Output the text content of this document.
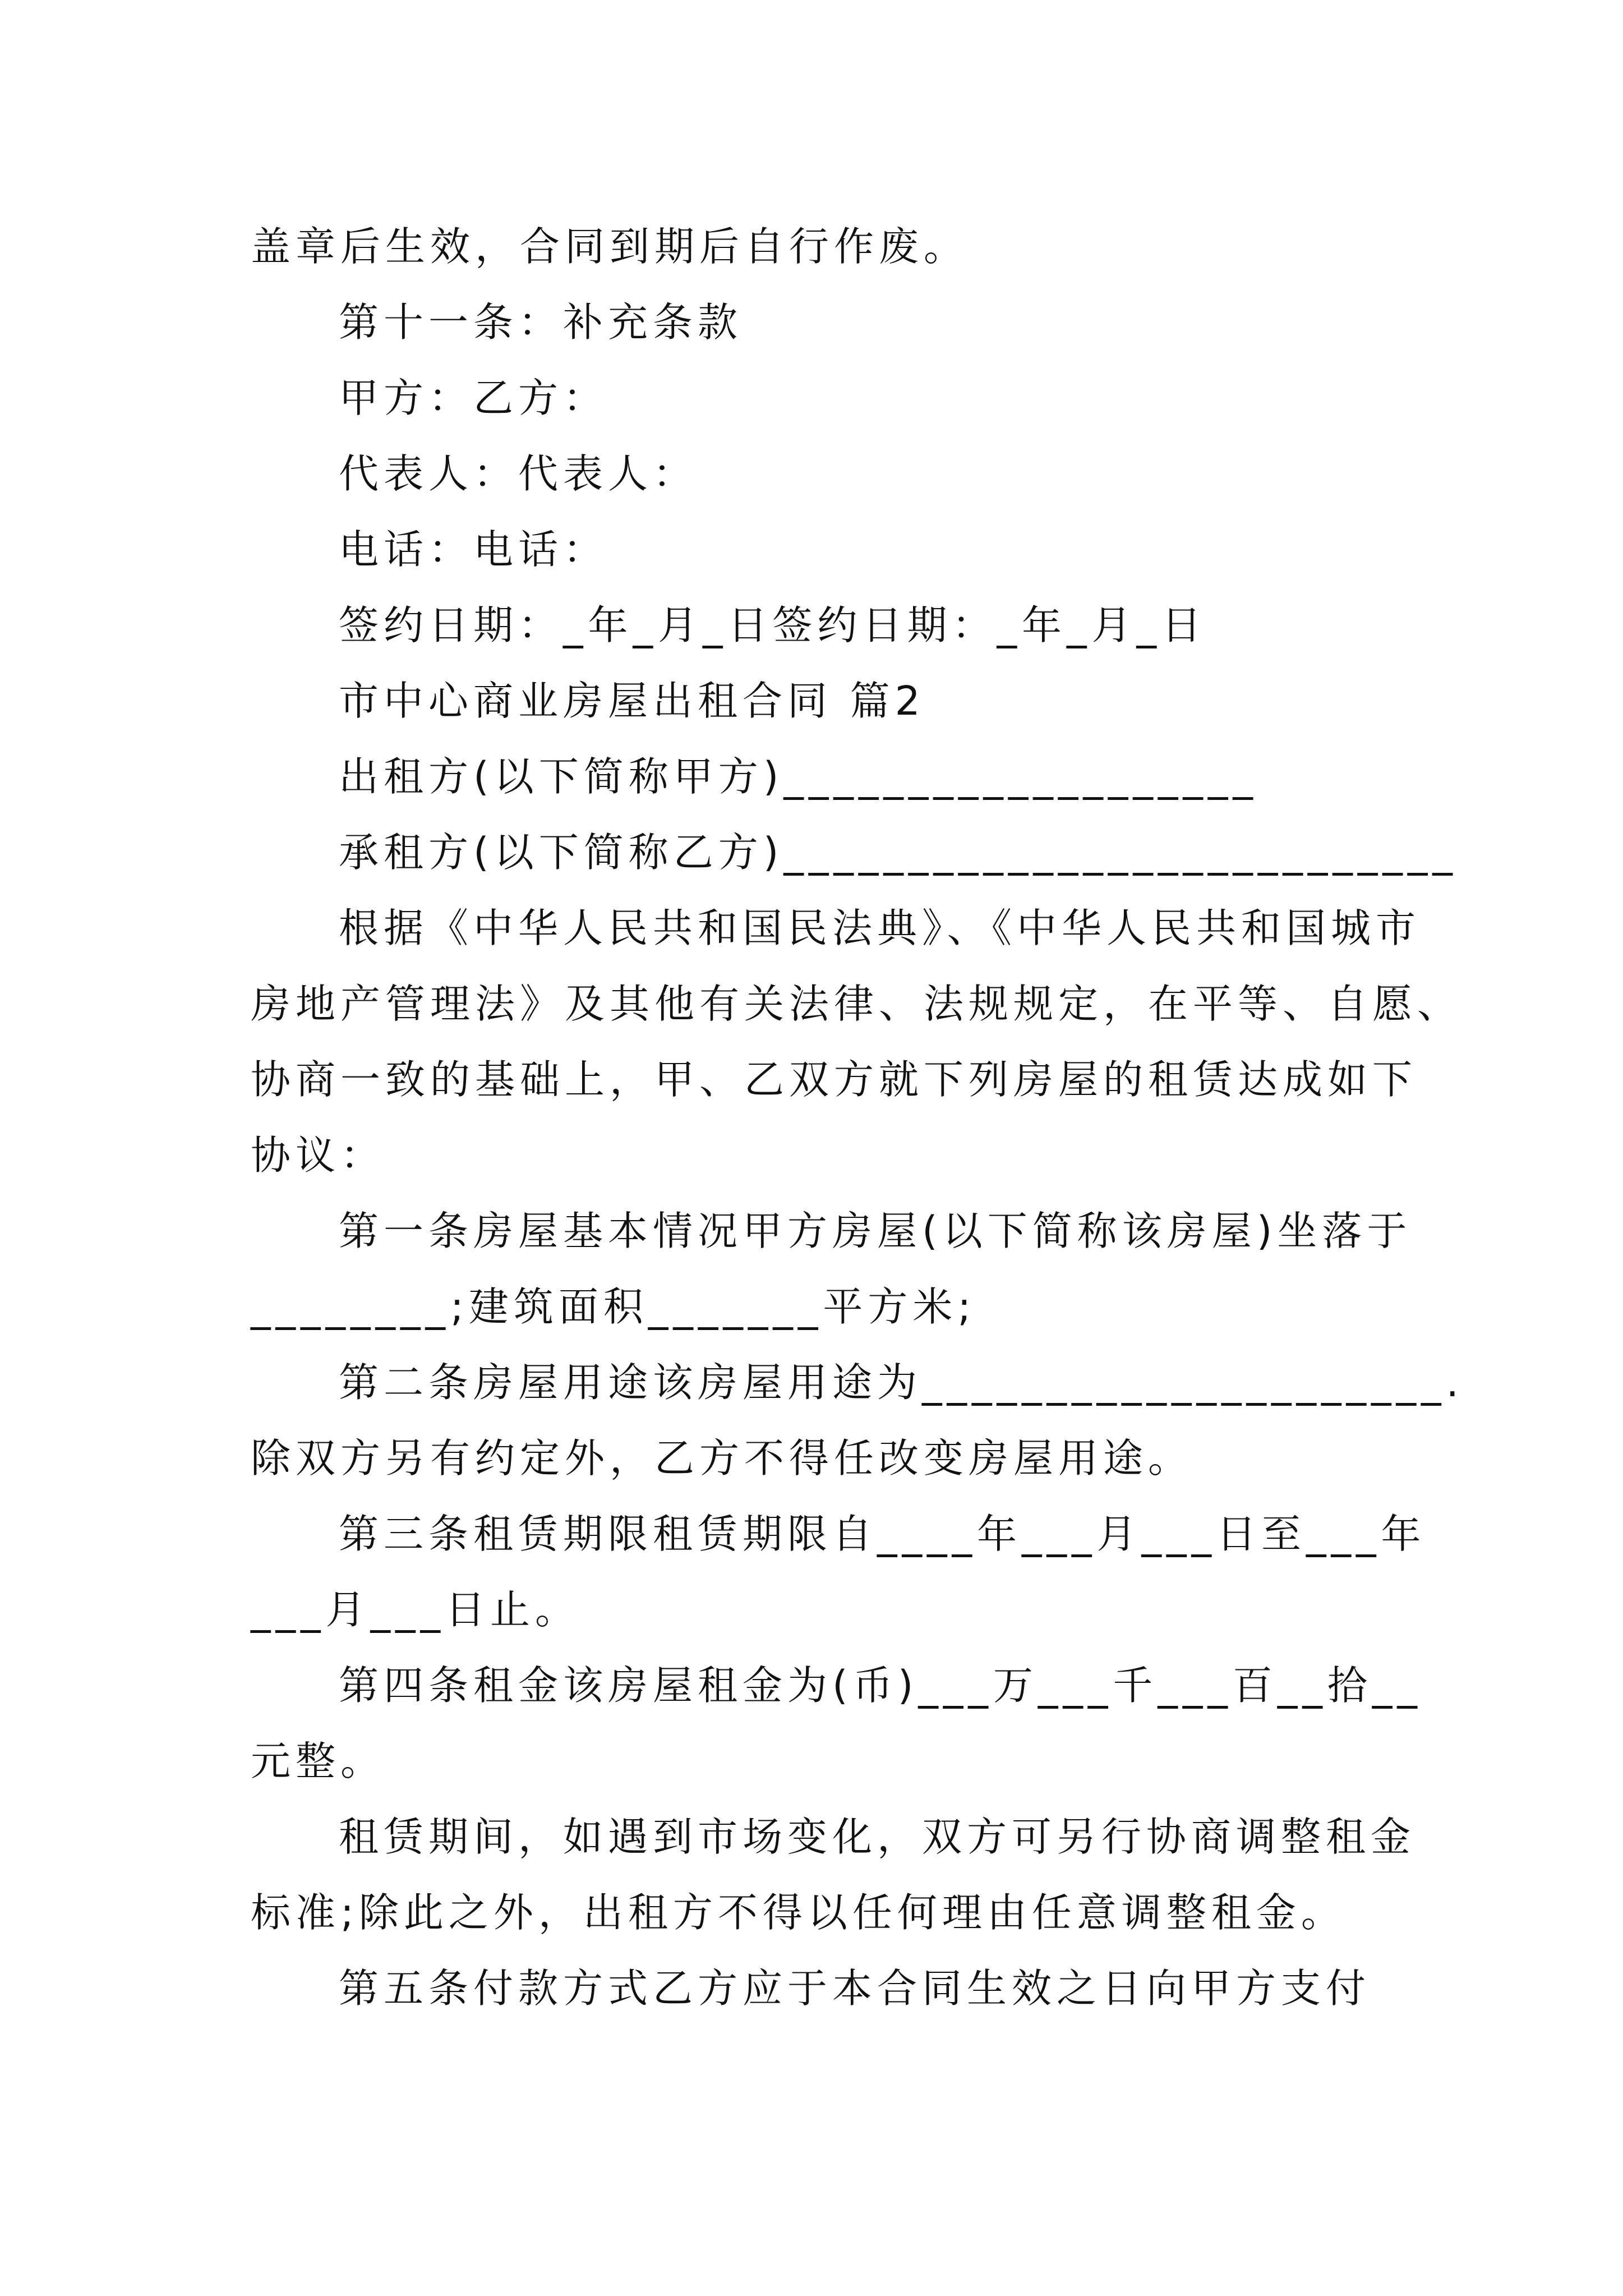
盖章后生效，合同到期后自行作废。
第十一条：补充条款
甲方：乙方：
代表人：代表人：
电话：电话：
签约日期：_年_月_日签约日期：_年_月_日
市中心商业房屋出租合同 篇2
出租方(以下简称甲方)___________________
承租方(以下简称乙方)___________________________
根据《中华人民共和国民法典》、《中华人民共和国城市
房地产管理法》及其他有关法律、法规规定，在平等、自愿、
协商一致的基础上，甲、乙双方就下列房屋的租赁达成如下
协议：
第一条房屋基本情况甲方房屋(以下简称该房屋)坐落于
________;建筑面积_______平方米;
第二条房屋用途该房屋用途为_____________________.
除双方另有约定外，乙方不得任改变房屋用途。
第三条租赁期限租赁期限自____年___月___日至___年
___月___日止。
第四条租金该房屋租金为(币)___万___千___百__拾__
元整。
租赁期间，如遇到市场变化，双方可另行协商调整租金
标准;除此之外，出租方不得以任何理由任意调整租金。
第五条付款方式乙方应于本合同生效之日向甲方支付
